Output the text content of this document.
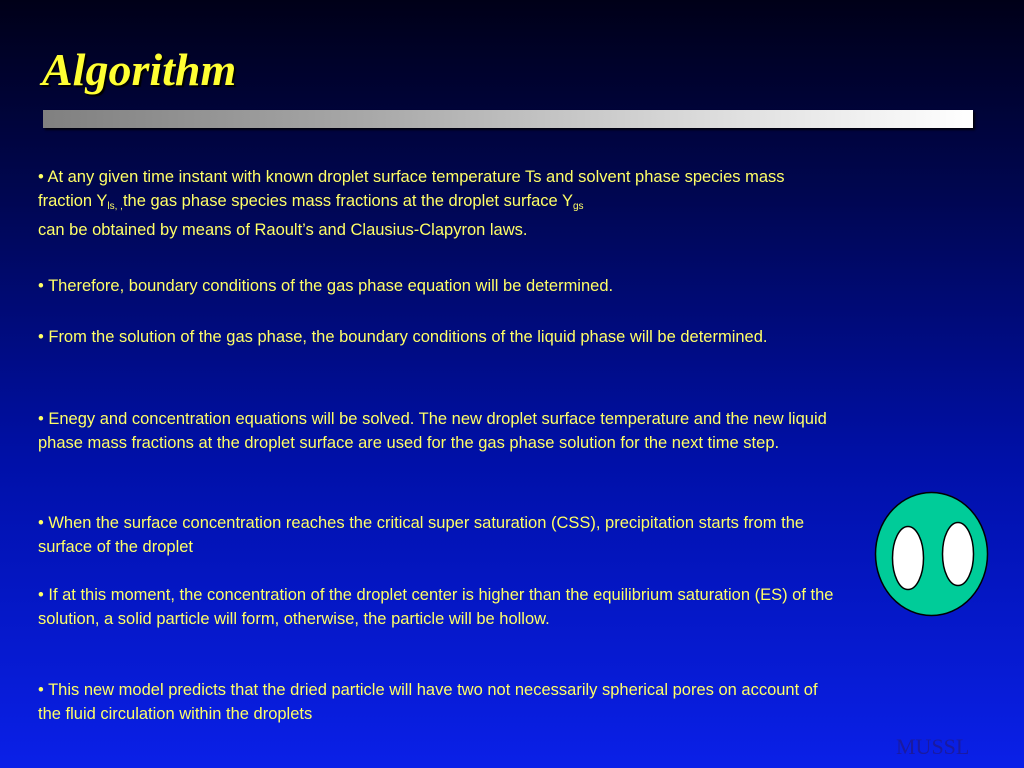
Algorithm
• At any given time instant with known droplet surface temperature Ts and solvent phase species mass fraction $Y_{ls, ,}the$ gas phase species mass fractions at the droplet surface $Y_{gs}$
can be obtained by means of Raoult’s and Clausius-Clapyron laws.
• Therefore, boundary conditions of the gas phase equation will be determined.
• From the solution of the gas phase, the boundary conditions of the liquid phase will be determined.
• Enegy and concentration equations will be solved. The new droplet surface temperature and the new liquid phase mass fractions at the droplet surface are used for the gas phase solution for the next time step.
• When the surface concentration reaches the critical super saturation (CSS), precipitation starts from the surface of the droplet
• If at this moment, the concentration of the droplet center is higher than the equilibrium saturation (ES) of the solution, a solid particle will form, otherwise, the particle will be hollow.
• This new model predicts that the dried particle will have two not necessarily spherical pores on account of the fluid circulation within the droplets
MUSSL
